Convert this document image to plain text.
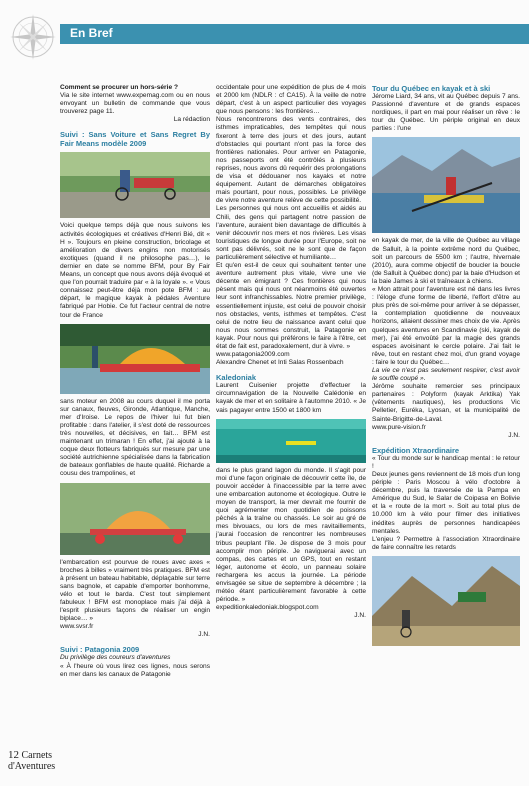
En Bref

Comment se procurer un hors-série ?

Via le site internet www.expemag.com ou en nous envoyant un bulletin de commande que vous trouverez page 11.

La rédaction

Suivi : Sans Voiture et Sans Regret By Fair Means modèle 2009

Voici quelque temps déjà que nous suivons les activités écologiques et créatives d'Henri Bié, dit « H ». Toujours en pleine construction, bricolage et amélioration de divers engins non motorisés exotiques (quand il ne philosophe pas…), le dernier en date se nomme BFM, pour By Fair Means, un concept que nous avons déjà évoqué et que l'on pourrait traduire par « à la loyale ». « Vous connaissez peut-être déjà mon pote BFM : au départ, le magique kayak à pédales Aventure fabriqué par Hobie. Ce fut l'acteur central de notre tour de France

sans moteur en 2008 au cours duquel il me porta sur canaux, fleuves, Gironde, Atlantique, Manche, mer d'Iroise. Le repos de l'hiver lui fut bien profitable : dans l'atelier, il s'est doté de ressources très nouvelles, et décisives, en fait… BFM est maintenant un trimaran ! En effet, j'ai ajouté à la coque deux flotteurs fabriqués sur mesure par une société autrichienne spécialisée dans la fabrication de bateaux gonflables de haute qualité. Richarde a cousu des trampolines, et

l'embarcation est pourvue de roues avec axes « broches à billes » vraiment très pratiques. BFM est à présent un bateau habitable, déplaçable sur terre sans bagnole, et capable d'emporter bonhomme, vélo et tout le barda. C'est tout simplement fabuleux ! BFM est monoplace mais j'ai déjà à l'esprit plusieurs façons de réaliser un engin biplace… »

www.svsr.fr

J.N.

Suivi : Patagonia 2009

Du privilège des coureurs d'aventures

« À l'heure où vous lirez ces lignes, nous serons en mer dans les canaux de Patagonie

occidentale pour une expédition de plus de 4 mois et 2000 km (NDLR : cf CA15). À la veille de notre départ, c'est à un aspect particulier des voyages que nous pensons : les frontières…

Nous rencontrerons des vents contraires, des isthmes impraticables, des tempêtes qui nous fixeront à terre des jours et des jours, autant d'obstacles qui pourtant n'ont pas la force des frontières nationales. Pour arriver en Patagonie, nos passeports ont été contrôlés à plusieurs reprises, nous avons dû requérir des prolongations de visa et dédouaner nos kayaks et notre équipement. Autant de démarches obligatoires mais pourtant, pour nous, possibles. Le privilège de vivre notre aventure relève de cette possibilité.

Les personnes qui nous ont accueillis et aidés au Chili, des gens qui partagent notre passion de l'aventure, auraient bien davantage de difficultés à venir découvrir nos mers et nos rivières. Les visas touristiques de longue durée pour l'Europe, soit ne sont pas délivrés, soit ne le sont que de façon particulièrement sélective et humiliante…

Et qu'en est-il de ceux qui souhaitent tenter une aventure autrement plus vitale, vivre une vie décente en émigrant ? Ces frontières qui nous pèsent mais qui nous ont néanmoins été ouvertes leur sont infranchissables. Notre premier privilège, essentiellement injuste, est celui de pouvoir choisir nos obstacles, vents, isthmes et tempêtes. C'est celui de notre lieu de naissance avant celui que nous nous sommes construit, la Patagonie en kayak. Pour nous qui préférons le faire à l'être, cet état de fait est, paradoxalement, dur à vivre. »

www.patagonia2009.com

Alexandre Chenet et Inti Salas Rossenbach

Kaledoniak

Laurent Cuisenier projette d'effectuer la circumnavigation de la Nouvelle Calédonie en kayak de mer et en solitaire à l'automne 2010. « Je vais pagayer entre 1500 et 1800 km

dans le plus grand lagon du monde. Il s'agit pour moi d'une façon originale de découvrir cette île, de pouvoir accéder à l'inaccessible par la terre avec une embarcation autonome et écologique. Outre le moyen de transport, la mer devrait me fournir de quoi agrémenter mon quotidien de poissons pêchés à la traîne ou chassés. Le soir au gré de mes bivouacs, ou lors de mes ravitaillements, j'aurai l'occasion de rencontrer les nombreuses tribus peuplant l'île. Je dispose de 3 mois pour accomplir mon périple. Je naviguerai avec un compas, des cartes et un GPS, tout en restant léger, autonome et écolo, un panneau solaire rechargera les accus la journée. La période envisagée se situe de septembre à décembre ; la météo étant particulièrement favorable à cette période. »

expeditionkaledoniak.blogspot.com

J.N.

Tour du Québec en kayak et à ski

Jérome Liard, 34 ans, vit au Québec depuis 7 ans. Passionné d'aventure et de grands espaces nordiques, il part en mai pour réaliser un rêve : le tour du Québec. Un périple original en deux parties : l'une

en kayak de mer, de la ville de Québec au village de Salluit, à la pointe extrême nord du Québec, soit un parcours de 5500 km ; l'autre, hivernale (2010), aura comme objectif de boucler la boucle (de Salluit à Québec donc) par la baie d'Hudson et la baie James à ski et traîneaux à chiens.

« Mon attrait pour l'aventure est né dans les livres : l'éloge d'une forme de liberté, l'effort d'être au plus près de soi-même pour arriver à se dépasser, la contemplation quotidienne de nouveaux horizons, allaient dessiner mes choix de vie. Après quelques aventures en Scandinavie (ski, kayak de mer), j'ai été envoûté par la magie des grands espaces avoisinant le cercle polaire. J'ai fait le rêve, tout en restant chez moi, d'un grand voyage : faire le tour du Québec…

La vie ce n'est pas seulement respirer, c'est avoir le souffle coupé ».

Jérôme souhaite remercier ses principaux partenaires : Polyform (kayak Arktika) Yak (vêtements nautiques), les productions Vic Pelletier, Euréka, Lyosan, et la municipalité de Sainte-Brigitte-de-Laval.

www.pure-vision.fr

J.N.

Expédition Xtraordinaire

« Tour du monde sur le handicap mental : le retour !

Deux jeunes gens reviennent de 18 mois d'un long périple : Paris Moscou à vélo d'octobre à décembre, puis la traversée de la Pampa en Amérique du Sud, le Salar de Coipasa en Bolivie et la « route de la mort ». Soit au total plus de 10.000 km à vélo pour filmer des initiatives inédites auprès de personnes handicapées mentales.

L'enjeu ? Permettre à l'association Xtraordinaire de faire connaître les retards

12 Carnets
d'Aventures
